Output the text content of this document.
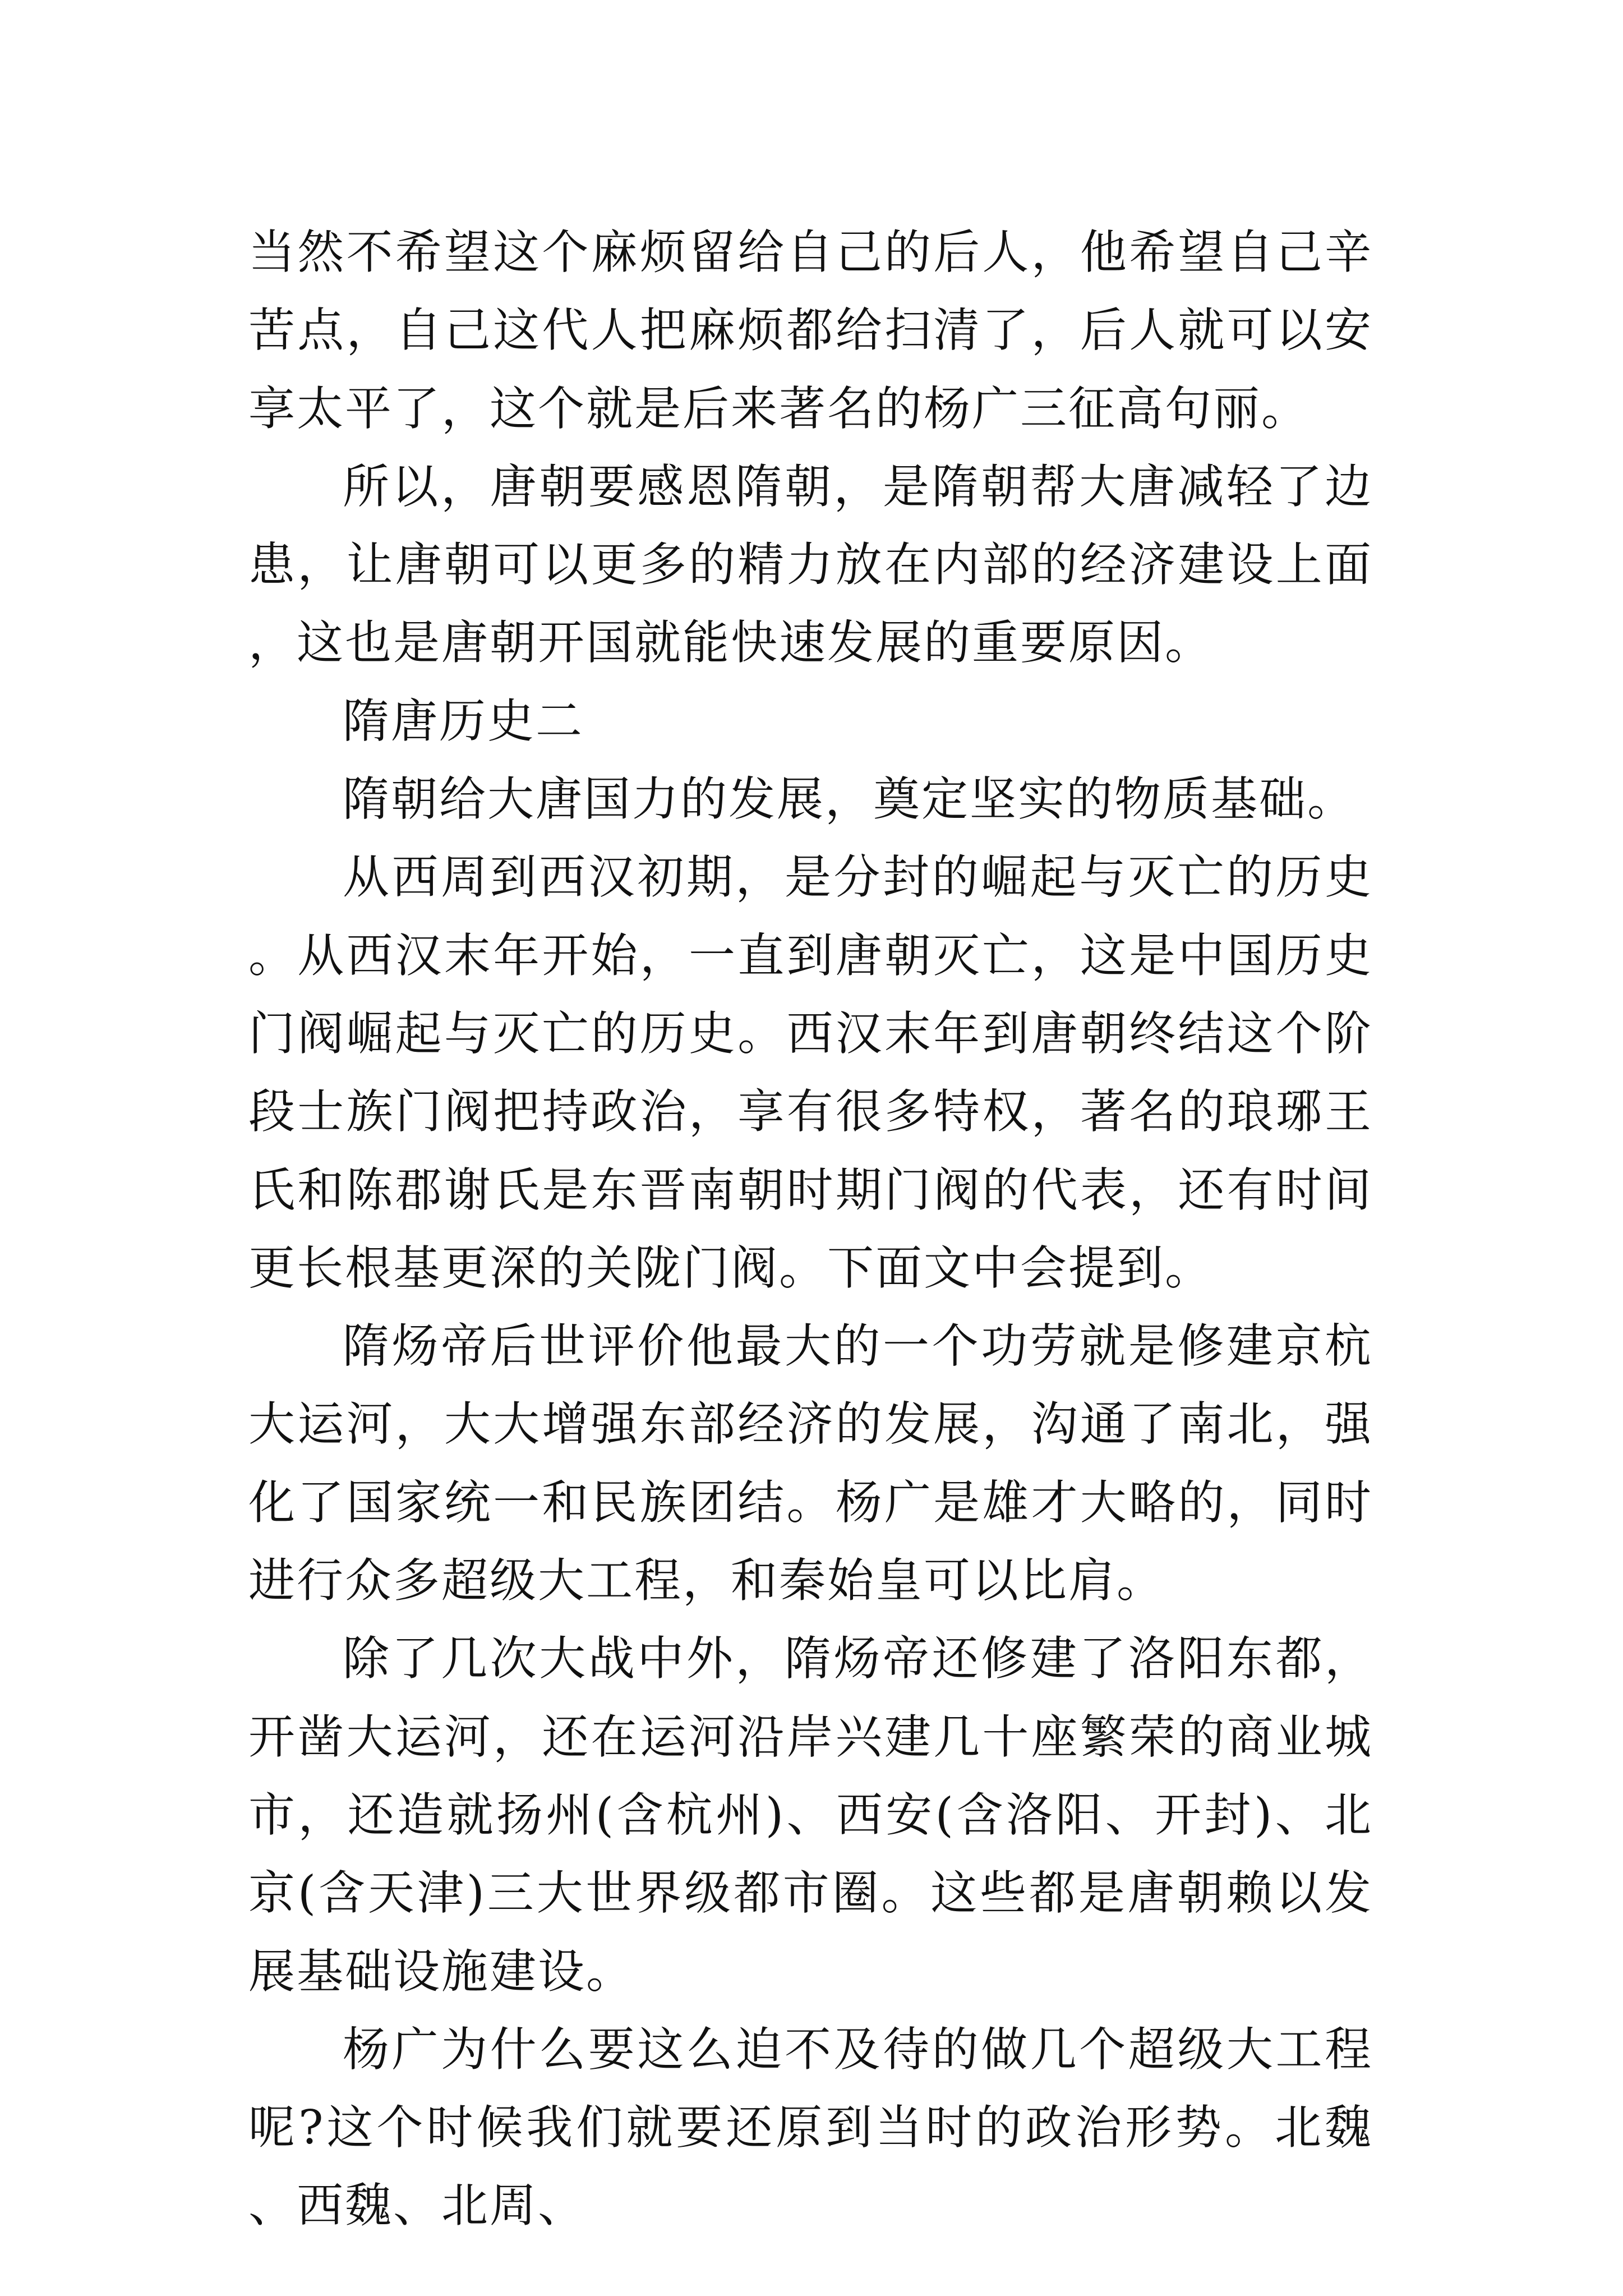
当然不希望这个麻烦留给自己的后人，他希望自己辛苦点，自己这代人把麻烦都给扫清了，后人就可以安享太平了，这个就是后来著名的杨广三征高句丽。

所以，唐朝要感恩隋朝，是隋朝帮大唐减轻了边患，让唐朝可以更多的精力放在内部的经济建设上面，这也是唐朝开国就能快速发展的重要原因。

隋唐历史二

隋朝给大唐国力的发展，奠定坚实的物质基础。

从西周到西汉初期，是分封的崛起与灭亡的历史。从西汉末年开始，一直到唐朝灭亡，这是中国历史门阀崛起与灭亡的历史。西汉末年到唐朝终结这个阶段士族门阀把持政治，享有很多特权，著名的琅琊王氏和陈郡谢氏是东晋南朝时期门阀的代表，还有时间更长根基更深的关陇门阀。下面文中会提到。

隋炀帝后世评价他最大的一个功劳就是修建京杭大运河，大大增强东部经济的发展，沟通了南北，强化了国家统一和民族团结。杨广是雄才大略的，同时进行众多超级大工程，和秦始皇可以比肩。

除了几次大战中外，隋炀帝还修建了洛阳东都，开凿大运河，还在运河沿岸兴建几十座繁荣的商业城市，还造就扬州(含杭州)、西安(含洛阳、开封)、北京(含天津)三大世界级都市圈。这些都是唐朝赖以发展基础设施建设。

杨广为什么要这么迫不及待的做几个超级大工程呢?这个时候我们就要还原到当时的政治形势。北魏、西魏、北周、
